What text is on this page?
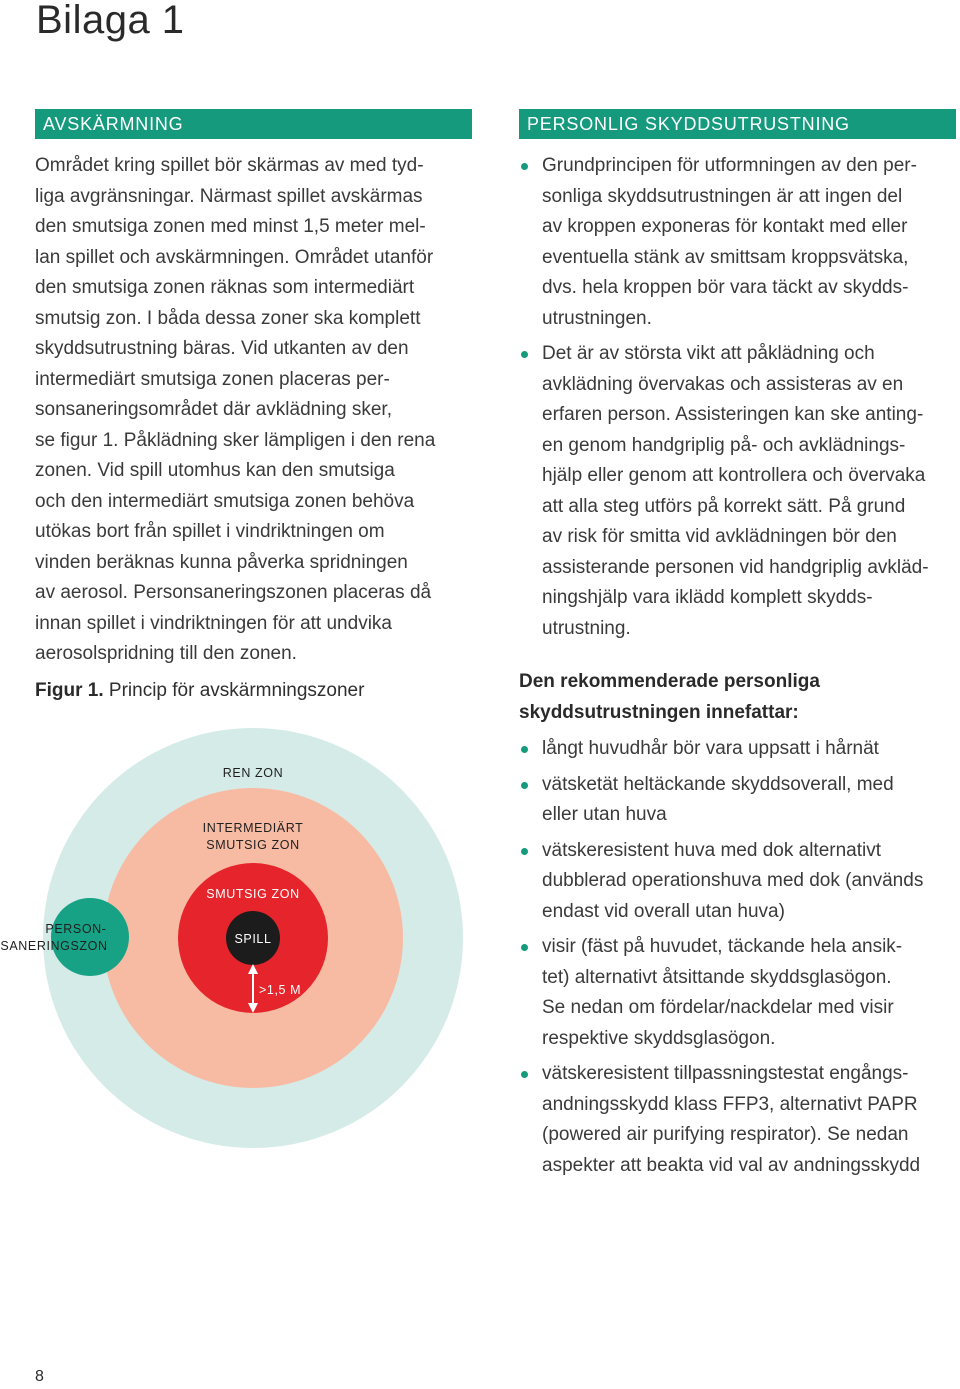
Bilaga 1
AVSKÄRMNING
Området kring spillet bör skärmas av med tyd-
liga avgränsningar. Närmast spillet avskärmas
den smutsiga zonen med minst 1,5 meter mel-
lan spillet och avskärmningen. Området utanför
den smutsiga zonen räknas som intermediärt
smutsig zon. I båda dessa zoner ska komplett
skyddsutrustning bäras. Vid utkanten av den
intermediärt smutsiga zonen placeras per-
sonsaneringsområdet där avklädning sker,
se figur 1. Påklädning sker lämpligen i den rena
zonen. Vid spill utomhus kan den smutsiga
och den intermediärt smutsiga zonen behöva
utökas bort från spillet i vindriktningen om
vinden beräknas kunna påverka spridningen
av aerosol. Personsaneringszonen placeras då
innan spillet i vindriktningen för att undvika
aerosolspridning till den zonen.
Figur 1. Princip för avskärmningszoner
REN ZON
INTERMEDIÄRT
SMUTSIG ZON
SMUTSIG ZON
SPILL
>1,5 M
PERSON-
SANERINGSZON
PERSONLIG SKYDDSUTRUSTNING
Grundprincipen för utformningen av den per-
sonliga skyddsutrustningen är att ingen del
av kroppen exponeras för kontakt med eller
eventuella stänk av smittsam kroppsvätska,
dvs. hela kroppen bör vara täckt av skydds-
utrustningen.
Det är av största vikt att påklädning och
avklädning övervakas och assisteras av en
erfaren person. Assisteringen kan ske anting-
en genom handgriplig på- och avklädnings-
hjälp eller genom att kontrollera och övervaka
att alla steg utförs på korrekt sätt. På grund
av risk för smitta vid avklädningen bör den
assisterande personen vid handgriplig avkläd-
ningshjälp vara iklädd komplett skydds-
utrustning.
Den rekommenderade personliga
skyddsutrustningen innefattar:
långt huvudhår bör vara uppsatt i hårnät
vätsketät heltäckande skyddsoverall, med
eller utan huva
vätskeresistent huva med dok alternativt
dubblerad operationshuva med dok (används
endast vid overall utan huva)
visir (fäst på huvudet, täckande hela ansik-
tet) alternativt åtsittande skyddsglasögon.
Se nedan om fördelar/nackdelar med visir
respektive skyddsglasögon.
vätskeresistent tillpassningstestat engångs-
andningsskydd klass FFP3, alternativt PAPR
(powered air purifying respirator). Se nedan
aspekter att beakta vid val av andningsskydd
8
